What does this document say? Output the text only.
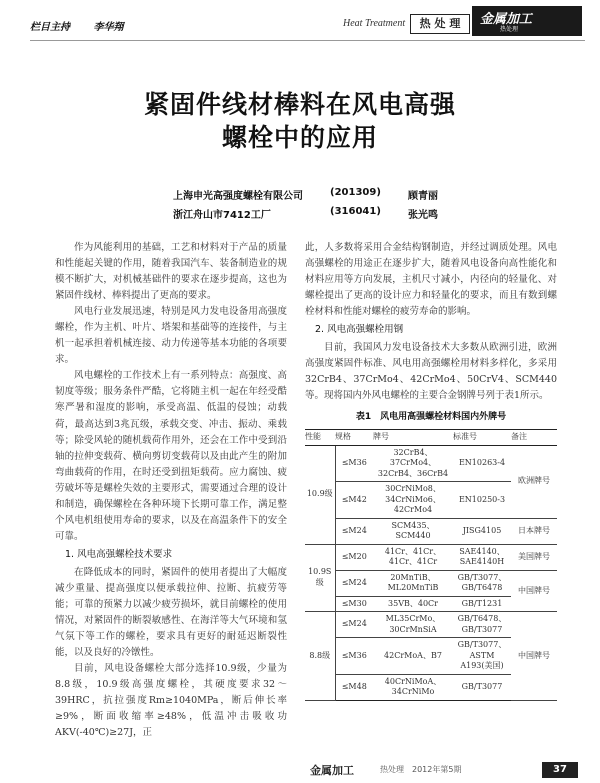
栏目主持 李华翔	Heat Treatment	热 处 理	金属加工
热处理
紧固件线材棒料在风电高强
螺栓中的应用
上海申光高强度螺栓有限公司	(201309)	顾青丽
浙江舟山市7412工厂	(316041)	张光鸣

作为风能利用的基础，工艺和材料对于产品的质量和性能起关键的作用，随着我国汽车、装备制造业的规模不断扩大，对机械基础件的要求在逐步提高，这也为紧固件线材、棒料提出了更高的要求。

风电行业发展迅速，特别是风力发电设备用高强度螺栓，作为主机、叶片、塔架和基础等的连接件，与主机一起承担着机械连接、动力传递等基本功能的各项要求。

风电螺栓的工作技术上有一系列特点：高强度、高韧度等级；服务条件严酷，它将随主机一起在年经受酷寒严暑和湿度的影响，承受高温、低温的侵蚀；动载荷，最高达到3兆瓦级，承载交变、冲击、振动、乘载等；除受风轮的随机载荷作用外，还会在工作中受到沿轴的拉伸变载荷、横向剪切变载荷以及由此产生的附加弯曲载荷的作用，在时还受到扭矩载荷。应力腐蚀、疲劳破坏等是螺栓失效的主要形式，需要通过合理的设计和制造，确保螺栓在各种环境下长期可靠工作，满足整个风电机组使用寿命的要求，以及在高温条件下的安全可靠。

1. 风电高强螺栓技术要求

在降低成本的同时，紧固件的使用者提出了大幅度减少重量、提高强度以便承载拉伸、拉断、抗疲劳等能；可靠的预紧力以减少疲劳损坏，就目前螺栓的使用情况，对紧固件的断裂敏感性、在海洋等大气环境和氢气氛下等工作的螺栓，要求具有更好的耐延迟断裂性能，以及良好的冷镦性。

目前，风电设备螺栓大部分选择10.9级，少量为8.8级，10.9级高强度螺栓，其硬度要求32～39HRC，抗拉强度Rm≥1040MPa，断后伸长率≥9%，断面收缩率≥48%，低温冲击吸收功AKV(-40℃)≥27J，正

此，人多数将采用合金结构钢制造，并经过调质处理。风电高强螺栓的用途正在逐步扩大，随着风电设备向高性能化和材料应用等方向发展，主机尺寸减小，内径向的轻量化、对螺栓提出了更高的设计应力和轻量化的要求，而且有数到螺栓材料和性能对螺栓的疲劳寿命的影响。

2. 风电高强螺栓用钢

目前，我国风力发电设备技术大多数从欧洲引进，欧洲高强度紧固件标准、风电用高强螺栓用材料多样化，多采用32CrB4、37CrMo4、42CrMo4、50CrV4、SCM440等。现将国内外风电螺栓的主要合金钢牌号列于表1所示。

表1　风电用高强螺栓材料国内外牌号
性能	规格	牌号	标准号	备注
10.9级	≤M36	32CrB4、37CrMo4、32CrB4、36CrB4	EN10263-4	欧洲牌号
	≤M42	30CrNiMo8、34CrNiMo6、42CrMo4	EN10250-3	
	≤M24	SCM435、SCM440	JISG4105	日本牌号
10.9S级	≤M20	41Cr、41Cr、41Cr、41Cr	SAE4140、SAE4140H	美国牌号
	≤M24	20MnTiB、ML20MnTiB	GB/T3077、GB/T6478	中国牌号
	≤M30	35VB、40Cr	GB/T1231	
8.8级	≤M24	ML35CrMo、30CrMnSiA	GB/T6478、GB/T3077	中国牌号
	≤M36	42CrMoA、B7	GB/T3077、ASTM A193(美国)	
	≤M48	40CrNiMoA、34CrNiMo	GB/T3077	
金属加工	热处理　2012年第5期	37
